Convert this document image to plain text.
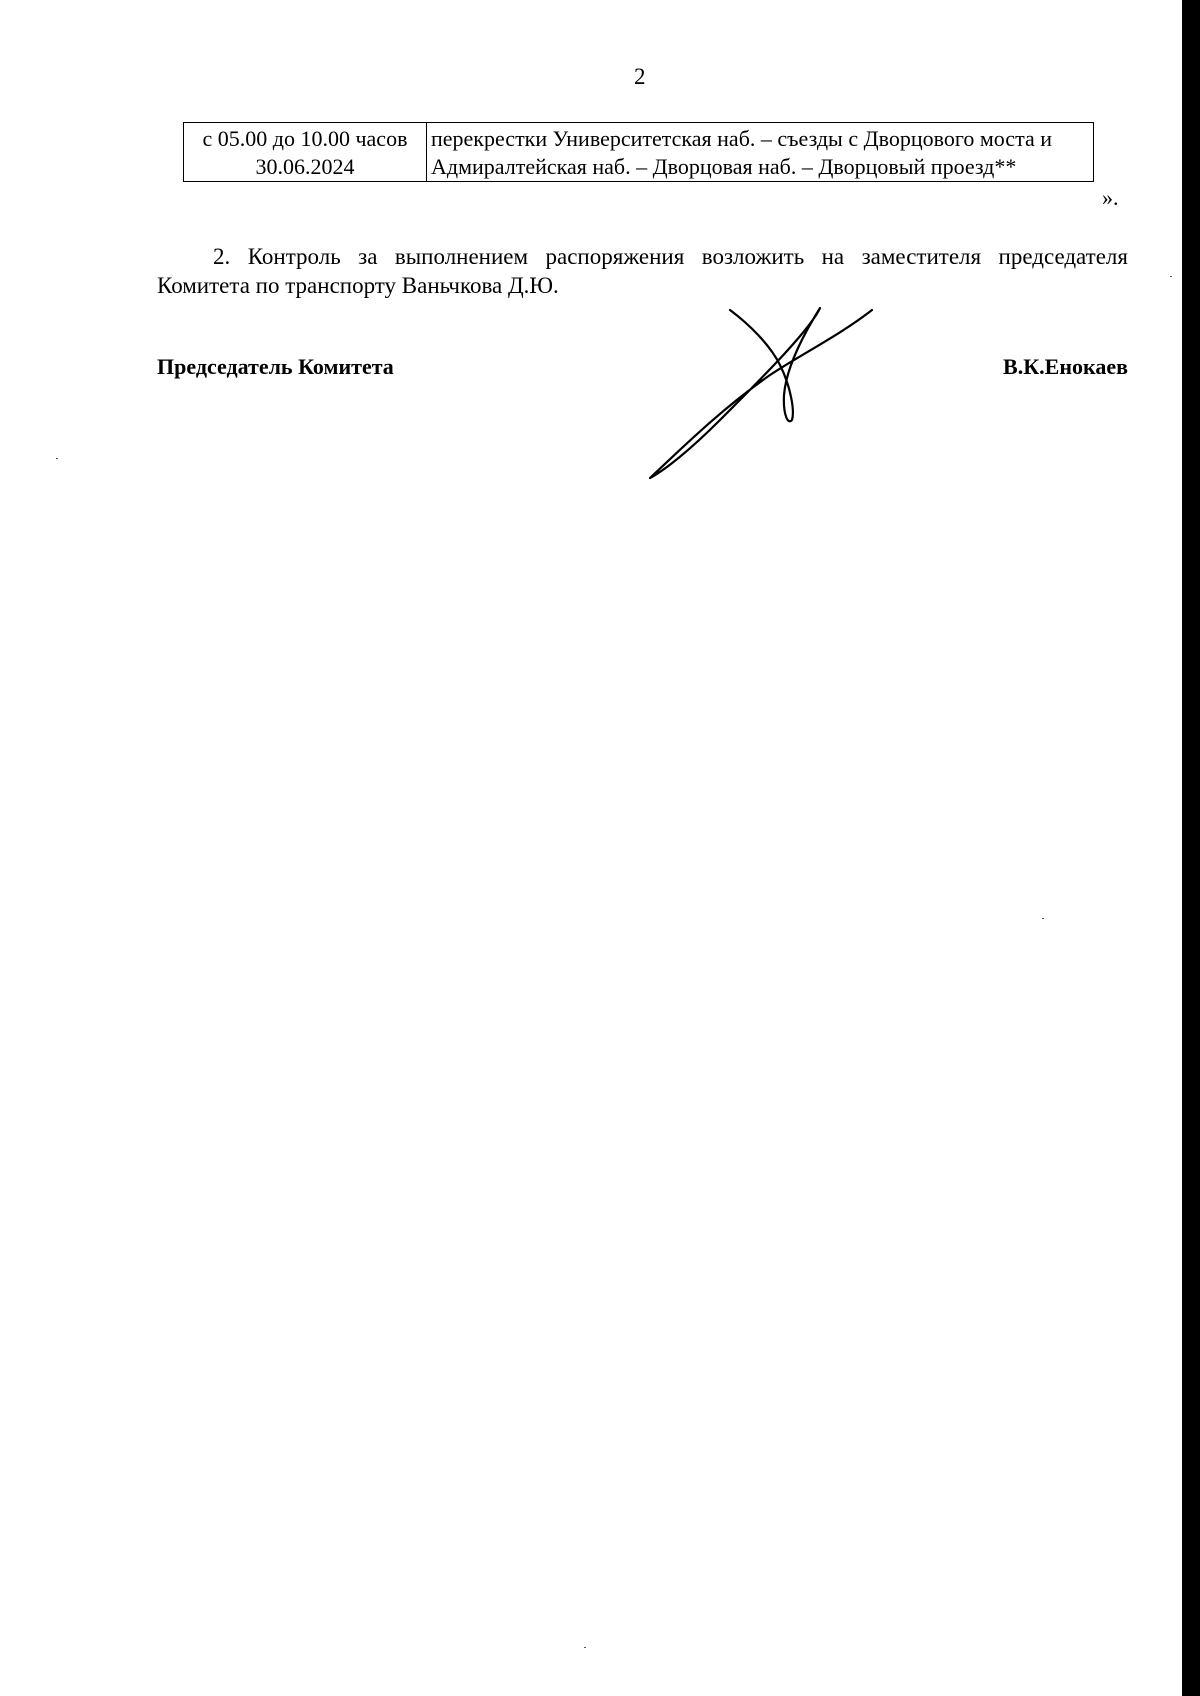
2
с 05.00 до 10.00 часов 30.06.2024	перекрестки Университетская наб. – съезды с Дворцового моста и Адмиралтейская наб. – Дворцовая наб. – Дворцовый проезд**
».
2. Контроль за выполнением распоряжения возложить на заместителя председателя Комитета по транспорту Ваньчкова Д.Ю.
Председатель Комитета	В.К.Енокаев
